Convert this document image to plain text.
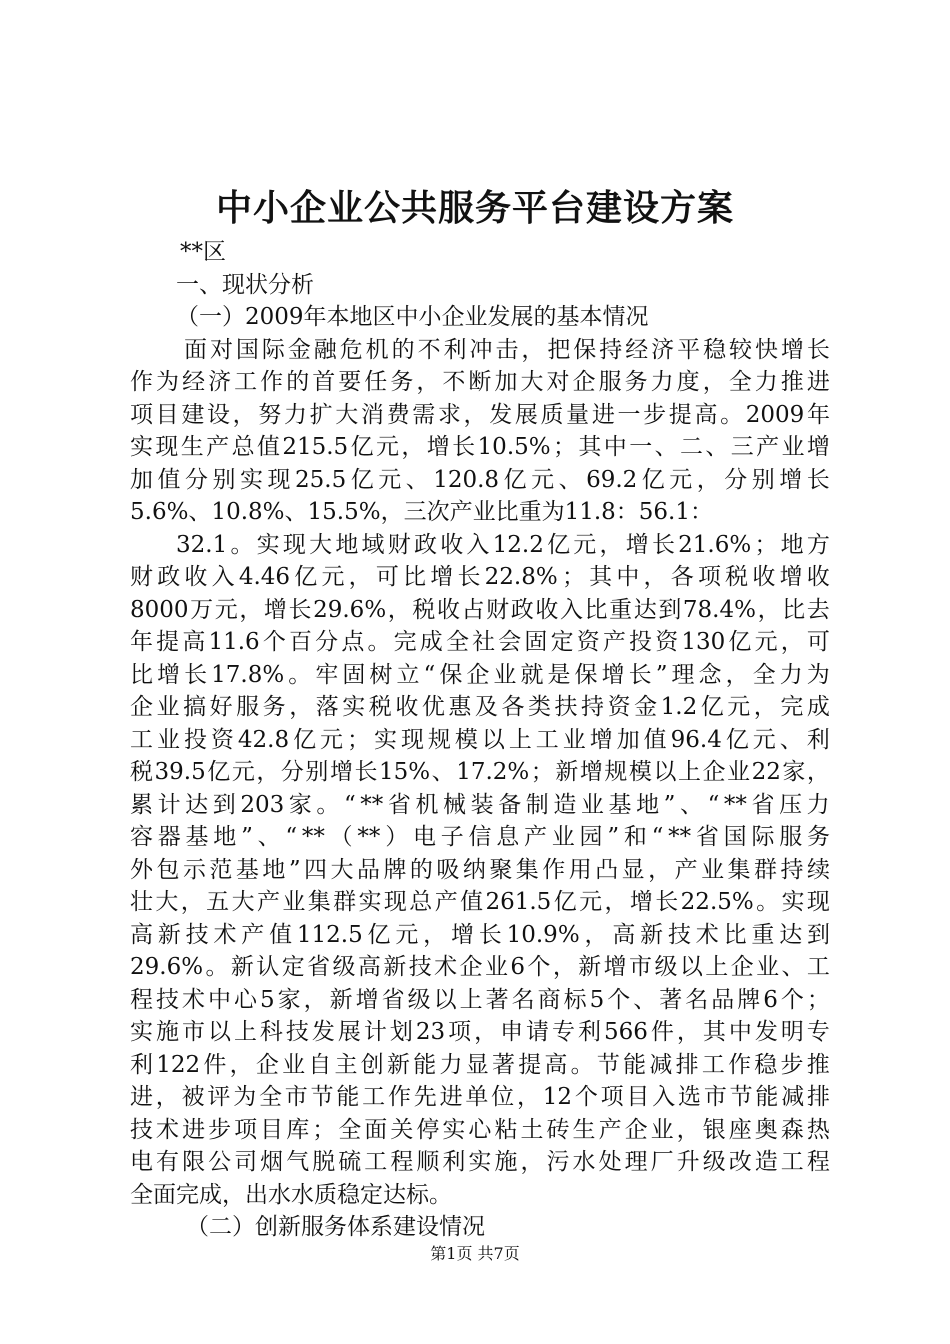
中小企业公共服务平台建设方案
**区
一、现状分析
（一）2009年本地区中小企业发展的基本情况
面 对 国 际 金 融 危 机 的 不 利 冲 击 ， 把 保 持 经 济 平 稳 较 快 增 长
作 为 经 济 工 作 的 首 要 任 务 ， 不 断 加 大 对 企 服 务 力 度 ， 全 力 推 进
项 目 建 设 ， 努 力 扩 大 消 费 需 求 ， 发 展 质 量 进 一 步 提 高 。 2009 年
实 现 生 产 总 值 215.5 亿 元 ， 增 长 10.5% ； 其 中 一 、 二 、 三 产 业 增
加 值 分 别 实 现 25.5 亿 元 、 120.8 亿 元 、 69.2 亿 元 ， 分 别 增 长
5.6%、10.8%、15.5%，三次产业比重为11.8：56.1：
32.1 。 实 现 大 地 域 财 政 收 入 12.2 亿 元 ， 增 长 21.6% ； 地 方
财 政 收 入 4.46 亿 元 ， 可 比 增 长 22.8% ； 其 中 ， 各 项 税 收 增 收
8000 万 元 ， 增 长 29.6% ， 税 收 占 财 政 收 入 比 重 达 到 78.4% ， 比 去
年 提 高 11.6 个 百 分 点 。 完 成 全 社 会 固 定 资 产 投 资 130 亿 元 ， 可
比 增 长 17.8% 。 牢 固 树 立 “ 保 企 业 就 是 保 增 长 ” 理 念 ， 全 力 为
企 业 搞 好 服 务 ， 落 实 税 收 优 惠 及 各 类 扶 持 资 金 1.2 亿 元 ， 完 成
工 业 投 资 42.8 亿 元 ； 实 现 规 模 以 上 工 业 增 加 值 96.4 亿 元 、 利
税 39.5 亿 元 ， 分 别 增 长 15% 、 17.2% ； 新 增 规 模 以 上 企 业 22 家 ，
累 计 达 到 203 家 。 “ ** 省 机 械 装 备 制 造 业 基 地 ” 、 “ ** 省 压 力
容 器 基 地 ” 、 “ ** （ ** ） 电 子 信 息 产 业 园 ” 和 “ ** 省 国 际 服 务
外 包 示 范 基 地 ” 四 大 品 牌 的 吸 纳 聚 集 作 用 凸 显 ， 产 业 集 群 持 续
壮 大 ， 五 大 产 业 集 群 实 现 总 产 值 261.5 亿 元 ， 增 长 22.5% 。 实 现
高 新 技 术 产 值 112.5 亿 元 ， 增 长 10.9% ， 高 新 技 术 比 重 达 到
29.6% 。 新 认 定 省 级 高 新 技 术 企 业 6 个 ， 新 增 市 级 以 上 企 业 、 工
程 技 术 中 心 5 家 ， 新 增 省 级 以 上 著 名 商 标 5 个 、 著 名 品 牌 6 个 ；
实 施 市 以 上 科 技 发 展 计 划 23 项 ， 申 请 专 利 566 件 ， 其 中 发 明 专
利 122 件 ， 企 业 自 主 创 新 能 力 显 著 提 高 。 节 能 减 排 工 作 稳 步 推
进 ， 被 评 为 全 市 节 能 工 作 先 进 单 位 ， 12 个 项 目 入 选 市 节 能 减 排
技 术 进 步 项 目 库 ； 全 面 关 停 实 心 粘 土 砖 生 产 企 业 ， 银 座 奥 森 热
电 有 限 公 司 烟 气 脱 硫 工 程 顺 利 实 施 ， 污 水 处 理 厂 升 级 改 造 工 程
全面完成，出水水质稳定达标。
（二）创新服务体系建设情况
第1页 共7页
